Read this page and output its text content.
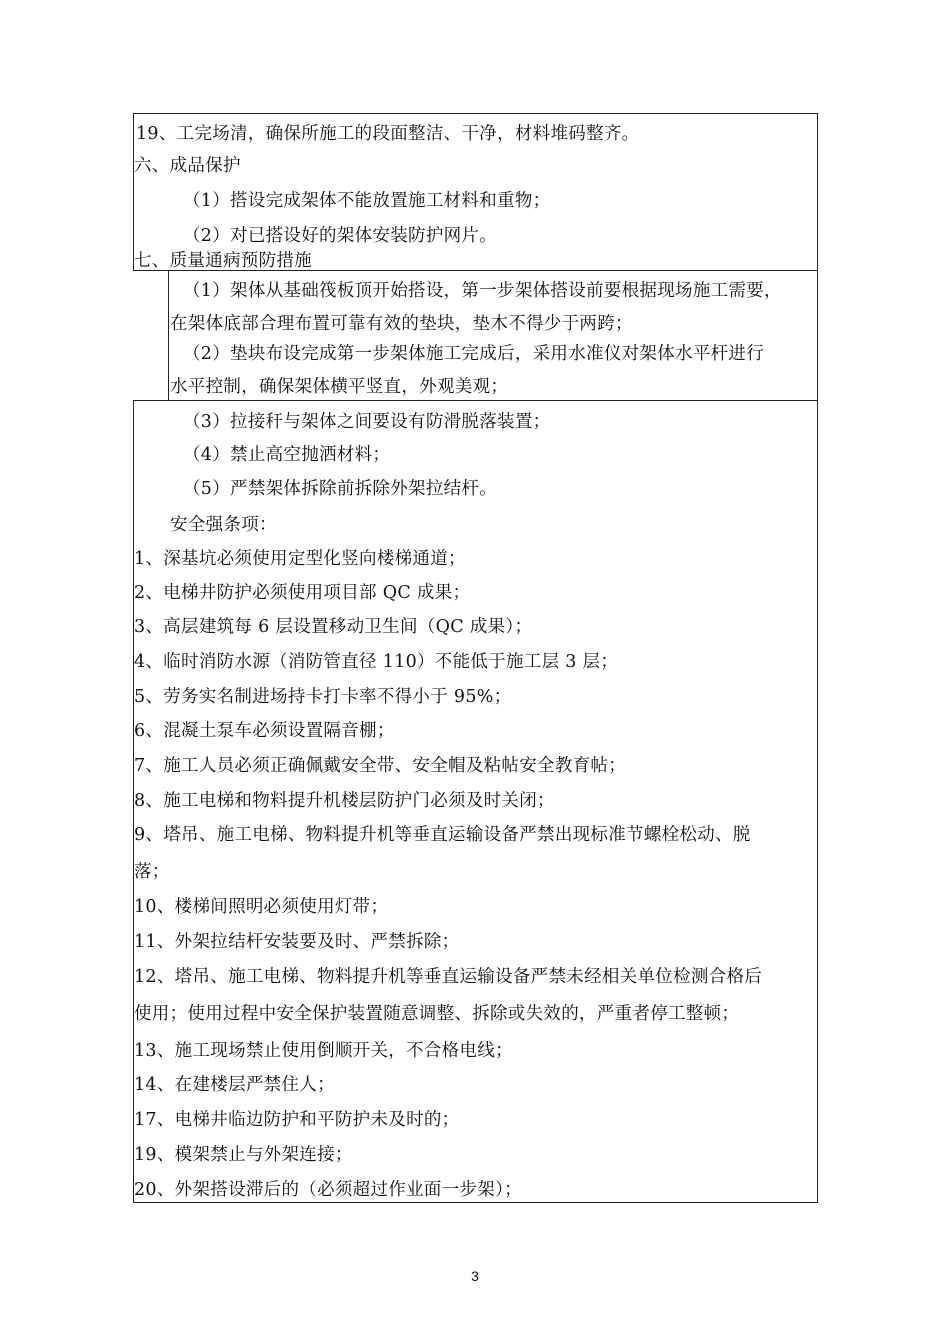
19、工完场清，确保所施工的段面整洁、干净，材料堆码整齐。
六、成品保护
（1）搭设完成架体不能放置施工材料和重物；
（2）对已搭设好的架体安装防护网片。
七、质量通病预防措施
（1）架体从基础筏板顶开始搭设，第一步架体搭设前要根据现场施工需要，
在架体底部合理布置可靠有效的垫块，垫木不得少于两跨；
（2）垫块布设完成第一步架体施工完成后，采用水准仪对架体水平杆进行
水平控制，确保架体横平竖直，外观美观；
（3）拉接秆与架体之间要设有防滑脱落装置；
（4）禁止高空抛洒材料；
（5）严禁架体拆除前拆除外架拉结杆。
安全强条项：
1、深基坑必须使用定型化竖向楼梯通道；
2、电梯井防护必须使用项目部 QC 成果；
3、高层建筑每 6 层设置移动卫生间（QC 成果）；
4、临时消防水源（消防管直径 110）不能低于施工层 3 层；
5、劳务实名制进场持卡打卡率不得小于 95%；
6、混凝土泵车必须设置隔音棚；
7、施工人员必须正确佩戴安全带、安全帽及粘帖安全教育帖；
8、施工电梯和物料提升机楼层防护门必须及时关闭；
9、塔吊、施工电梯、物料提升机等垂直运输设备严禁出现标准节螺栓松动、脱
落；
10、楼梯间照明必须使用灯带；
11、外架拉结杆安装要及时、严禁拆除；
12、塔吊、施工电梯、物料提升机等垂直运输设备严禁未经相关单位检测合格后
使用；使用过程中安全保护装置随意调整、拆除或失效的，严重者停工整顿；
13、施工现场禁止使用倒顺开关，不合格电线；
14、在建楼层严禁住人；
17、电梯井临边防护和平防护未及时的；
19、模架禁止与外架连接；
20、外架搭设滞后的（必须超过作业面一步架）；
3
